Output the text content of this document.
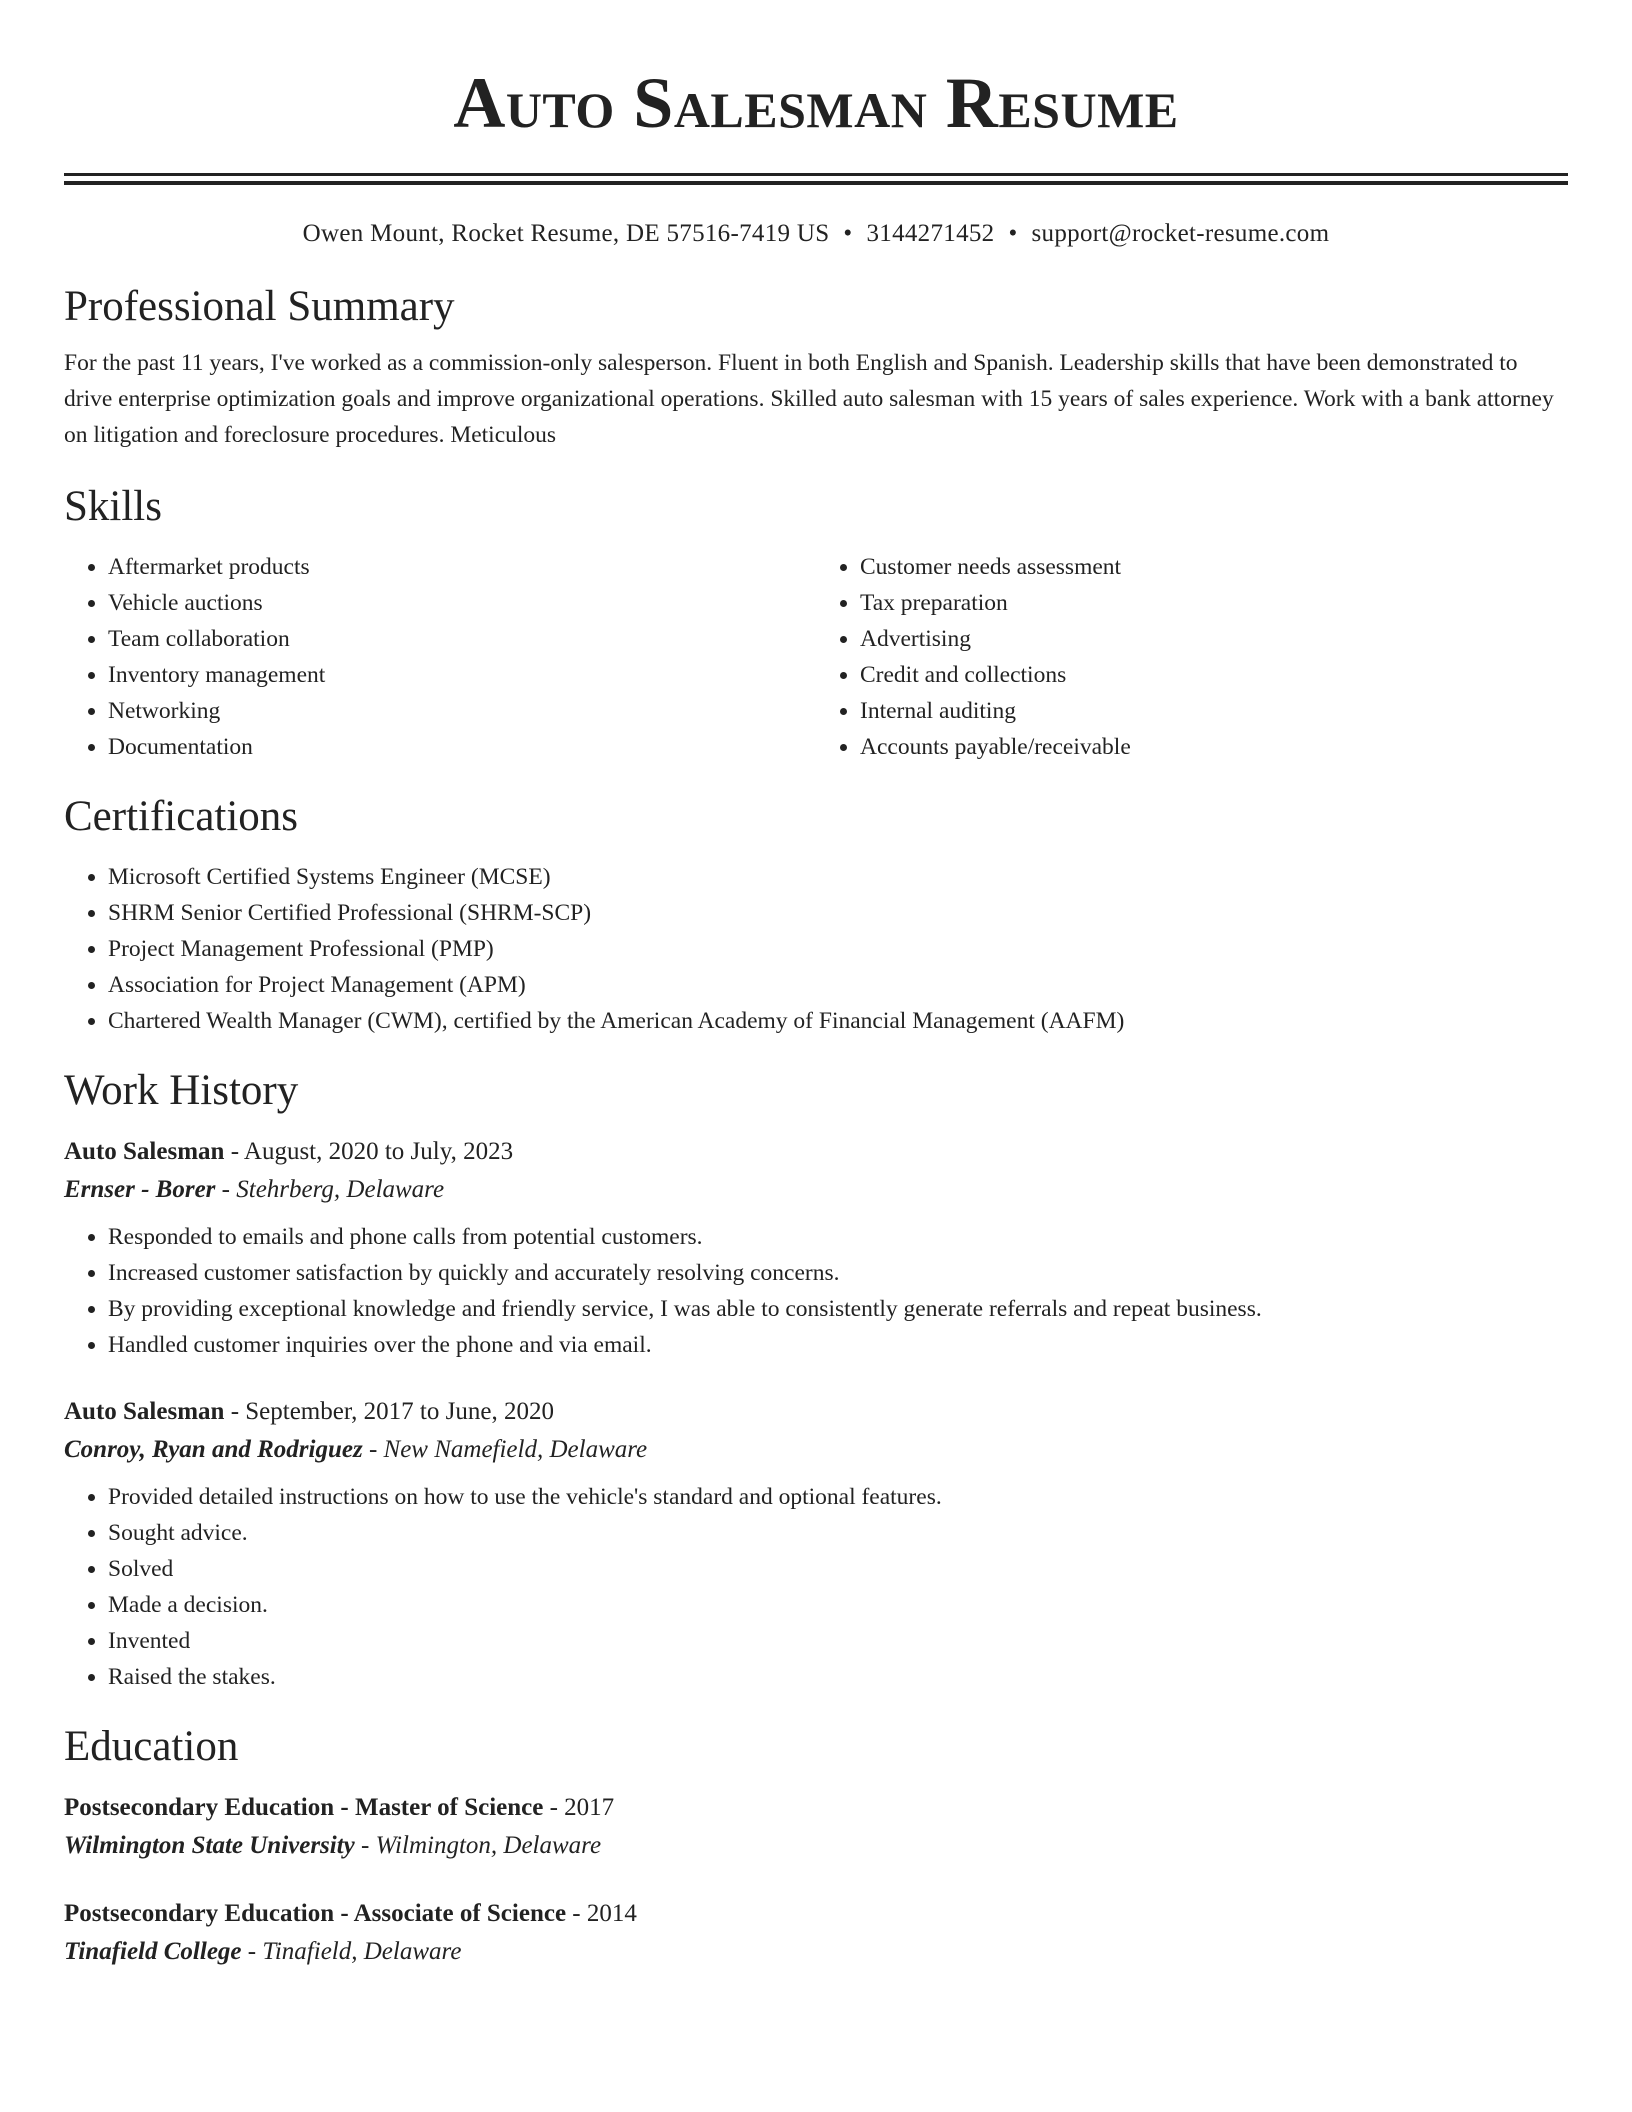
Auto Salesman Resume
Owen Mount, Rocket Resume, DE 57516-7419 US • 3144271452 • support@rocket-resume.com
Professional Summary

For the past 11 years, I've worked as a commission-only salesperson. Fluent in both English and Spanish. Leadership skills that have been demonstrated to drive enterprise optimization goals and improve organizational operations. Skilled auto salesman with 15 years of sales experience. Work with a bank attorney on litigation and foreclosure procedures. Meticulous

Skills
• Aftermarket products
• Vehicle auctions
• Team collaboration
• Inventory management
• Networking
• Documentation
• Customer needs assessment
• Tax preparation
• Advertising
• Credit and collections
• Internal auditing
• Accounts payable/receivable
Certifications
• Microsoft Certified Systems Engineer (MCSE)
• SHRM Senior Certified Professional (SHRM-SCP)
• Project Management Professional (PMP)
• Association for Project Management (APM)
• Chartered Wealth Manager (CWM), certified by the American Academy of Financial Management (AAFM)
Work History
Auto Salesman - August, 2020 to July, 2023
Ernser - Borer - Stehrberg, Delaware
• Responded to emails and phone calls from potential customers.
• Increased customer satisfaction by quickly and accurately resolving concerns.
• By providing exceptional knowledge and friendly service, I was able to consistently generate referrals and repeat business.
• Handled customer inquiries over the phone and via email.
Auto Salesman - September, 2017 to June, 2020
Conroy, Ryan and Rodriguez - New Namefield, Delaware
• Provided detailed instructions on how to use the vehicle's standard and optional features.
• Sought advice.
• Solved
• Made a decision.
• Invented
• Raised the stakes.
Education
Postsecondary Education - Master of Science - 2017
Wilmington State University - Wilmington, Delaware
Postsecondary Education - Associate of Science - 2014
Tinafield College - Tinafield, Delaware
